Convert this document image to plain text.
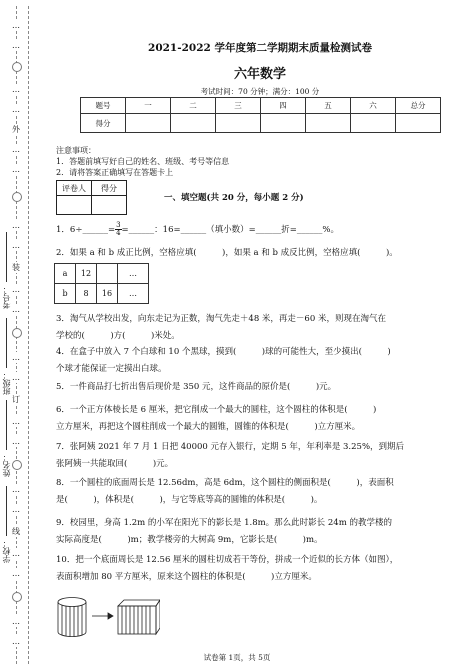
…
…
…
…
外
…
…
…
…
装
…
…
…
…
订
…
…
…
…
线
…
…
…
…
考号：
班级：
姓名：
学校：
2021-2022 学年度第二学期期末质量检测试卷
六年数学
考试时间：70 分钟；满分：100 分
题号	一	二	三	四	五	六	总分
得分							
注意事项：
1．答题前填写好自己的姓名、班级、考号等信息
2．请将答案正确填写在答题卡上
评卷人	得分

一、填空题(共 20 分，每小题 2 分)
1．6÷______= $\frac{3}{4}$ =______：16=______（填小数）=______折=______%。
2．如果 a 和 b 成正比例，空格应填(　　　)，如果 a 和 b 成反比例，空格应填(　　　)。
a	12		…
b	8	16	…
3．淘气从学校出发，向东走记为正数，淘气先走＋48 米，再走－60 米，则现在淘气在
学校的(　　　)方(　　　)米处。
4．在盒子中放入 7 个白球和 10 个黑球，摸到(　　　)球的可能性大，至少摸出(　　　)
个球才能保证一定摸出白球。
5．一件商品打七折出售后现价是 350 元，这件商品的原价是(　　　)元。
6．一个正方体棱长是 6 厘米，把它削成一个最大的圆柱，这个圆柱的体积是(　　　)
立方厘米，再把这个圆柱削成一个最大的圆锥，圆锥的体积是(　　　)立方厘米。
7．张阿姨 2021 年 7 月 1 日把 40000 元存入银行，定期 5 年，年利率是 3.25%，到期后
张阿姨一共能取回(　　　)元。
8．一个圆柱的底面周长是 12.56dm，高是 6dm，这个圆柱的侧面积是(　　　)，表面积
是(　　　)，体积是(　　　)，与它等底等高的圆锥的体积是(　　　)。
9．校园里，身高 1.2m 的小军在阳光下的影长是 1.8m。那么此时影长 24m 的教学楼的
实际高度是(　　　)m；教学楼旁的大树高 9m，它影长是(　　　)m。
10．把一个底面周长是 12.56 厘米的圆柱切成若干等份，拼成一个近似的长方体（如图），
表面积增加 80 平方厘米，原来这个圆柱的体积是(　　　)立方厘米。
试卷第 1页，共 5页
